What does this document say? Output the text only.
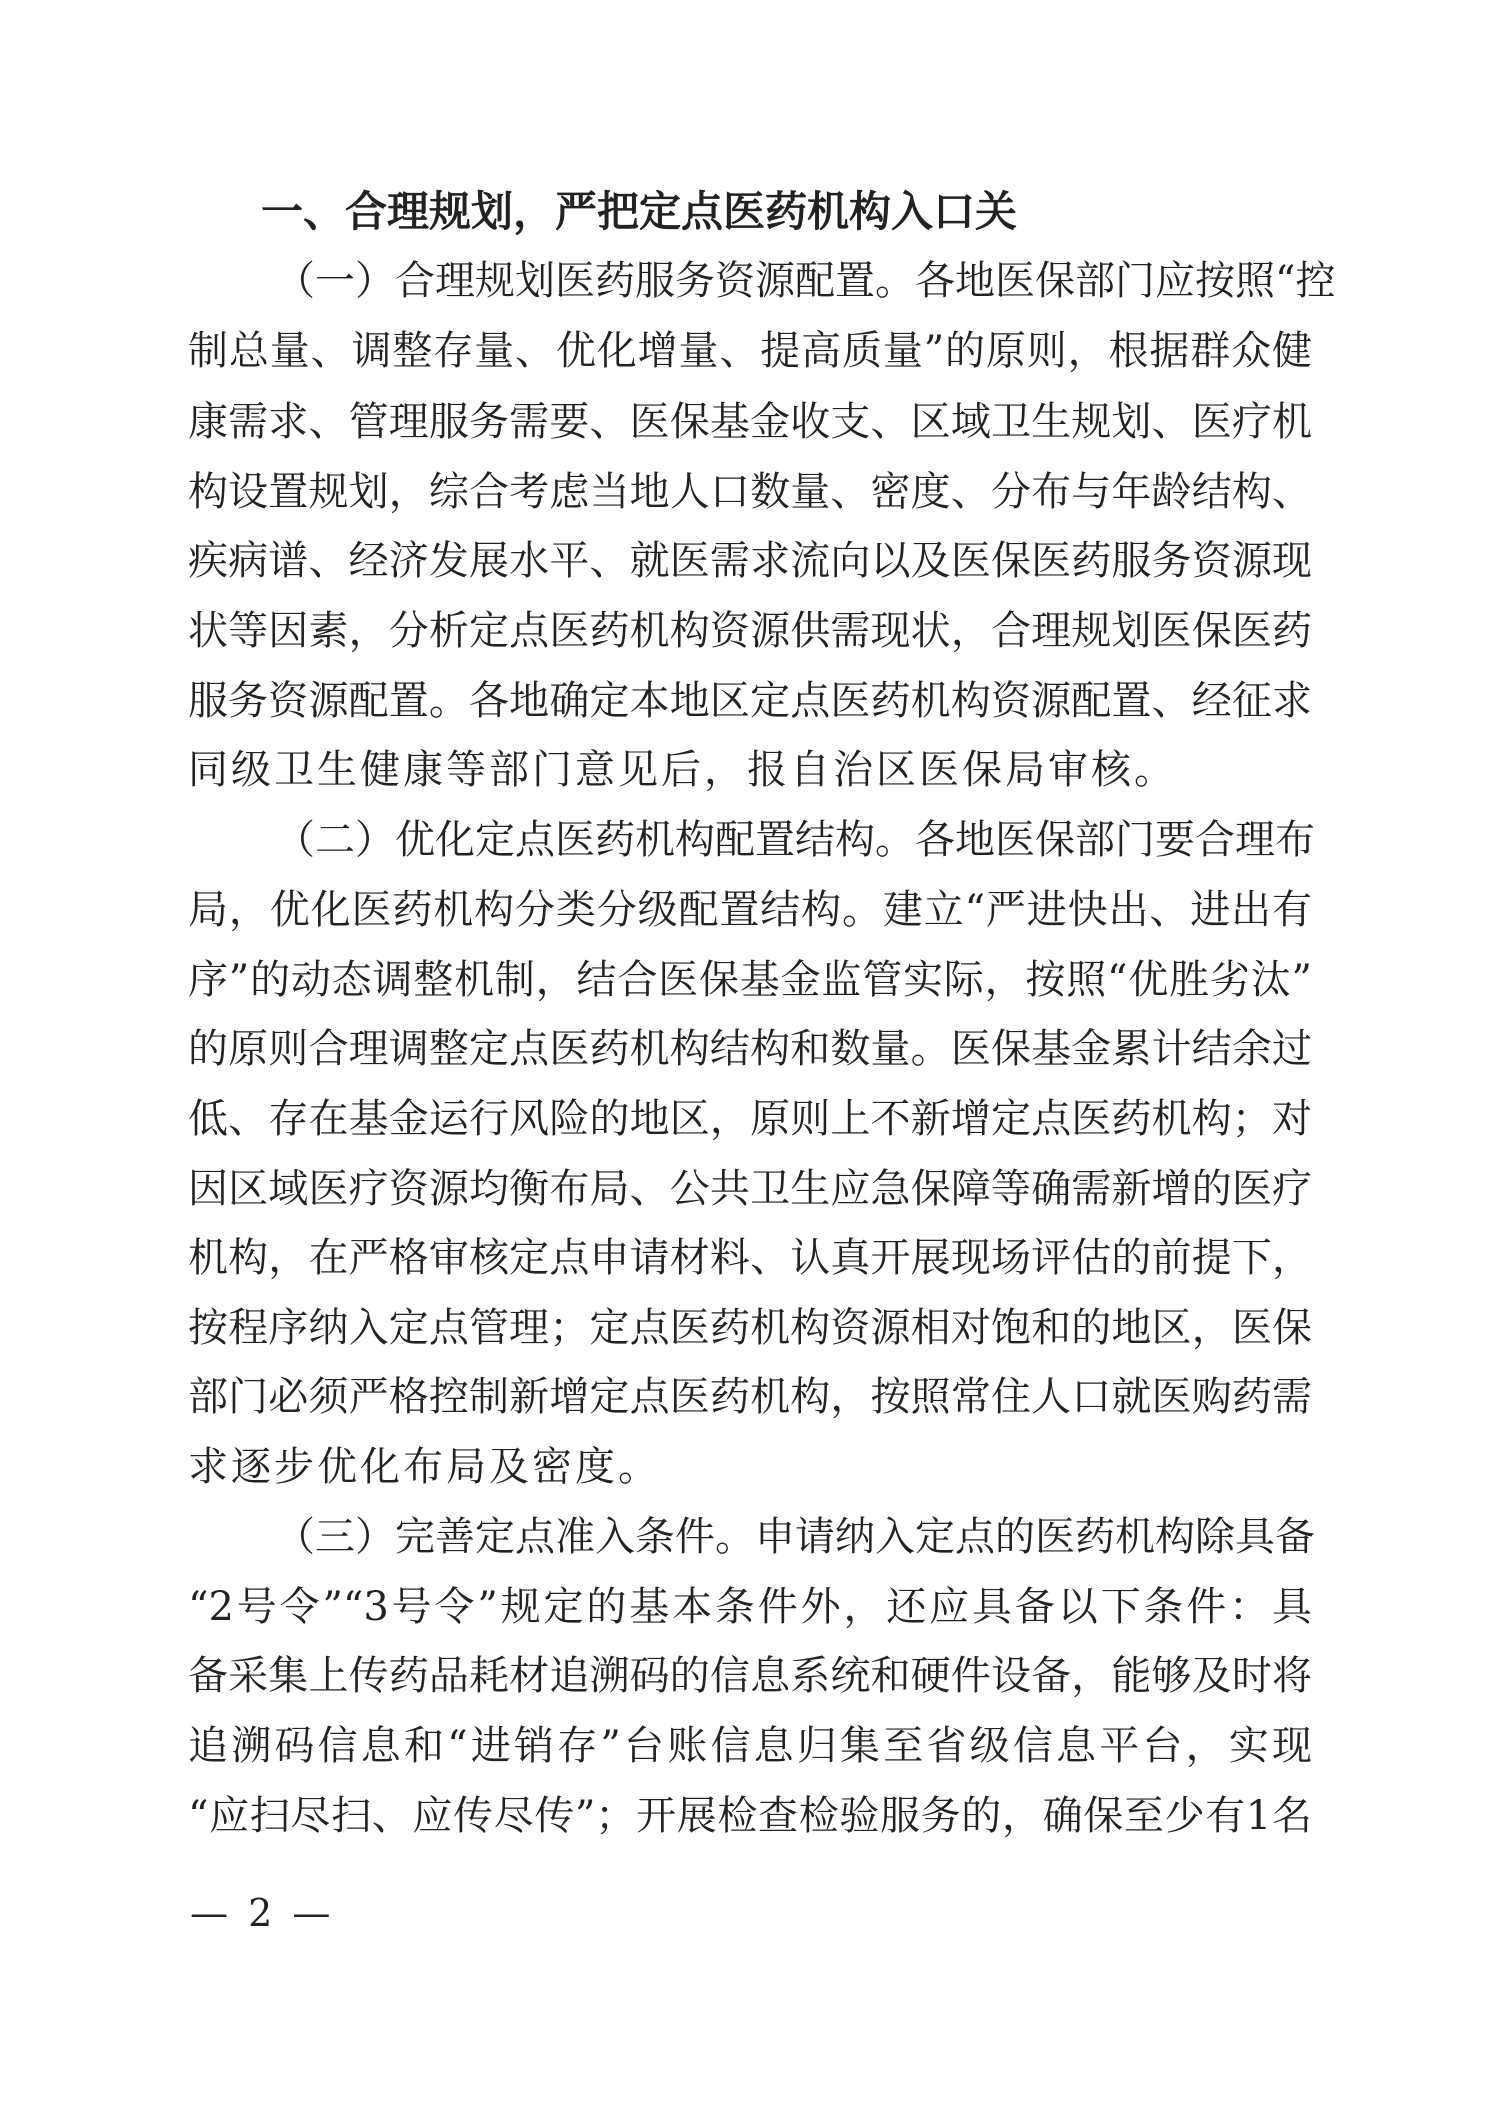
一、合理规划，严把定点医药机构入口关
（一）合理规划医药服务资源配置。各地医保部门应按照“控
制总量、调整存量、优化增量、提高质量”的原则，根据群众健
康需求、管理服务需要、医保基金收支、区域卫生规划、医疗机
构设置规划，综合考虑当地人口数量、密度、分布与年龄结构、
疾病谱、经济发展水平、就医需求流向以及医保医药服务资源现
状等因素，分析定点医药机构资源供需现状，合理规划医保医药
服务资源配置。各地确定本地区定点医药机构资源配置、经征求
同级卫生健康等部门意见后，报自治区医保局审核。
（二）优化定点医药机构配置结构。各地医保部门要合理布
局，优化医药机构分类分级配置结构。建立“严进快出、进出有
序”的动态调整机制，结合医保基金监管实际，按照“优胜劣汰”
的原则合理调整定点医药机构结构和数量。医保基金累计结余过
低、存在基金运行风险的地区，原则上不新增定点医药机构；对
因区域医疗资源均衡布局、公共卫生应急保障等确需新增的医疗
机构，在严格审核定点申请材料、认真开展现场评估的前提下，
按程序纳入定点管理；定点医药机构资源相对饱和的地区，医保
部门必须严格控制新增定点医药机构，按照常住人口就医购药需
求逐步优化布局及密度。
（三）完善定点准入条件。申请纳入定点的医药机构除具备
“2号令”“3号令”规定的基本条件外，还应具备以下条件：具
备采集上传药品耗材追溯码的信息系统和硬件设备，能够及时将
追溯码信息和“进销存”台账信息归集至省级信息平台，实现
“应扫尽扫、应传尽传”；开展检查检验服务的，确保至少有1名
— 2 —
